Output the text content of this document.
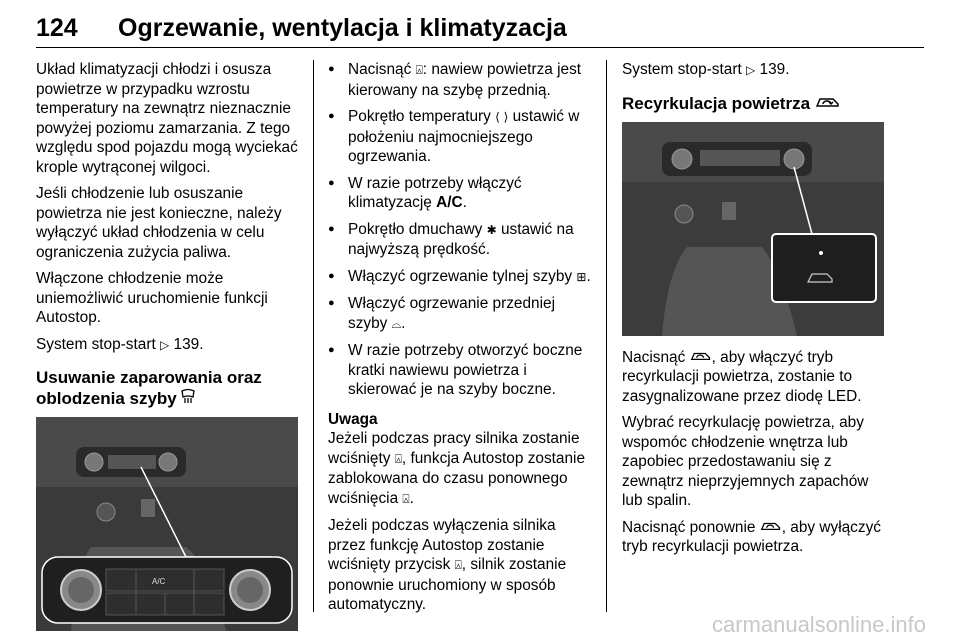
124	Ogrzewanie, wentylacja i klimatyzacja

Układ klimatyzacji chłodzi i osusza powietrze w przypadku wzrostu temperatury na zewnątrz nieznacznie powyżej poziomu zamarzania. Z tego względu spod pojazdu mogą wyciekać krople wytrąconej wilgoci.

Jeśli chłodzenie lub osuszanie powietrza nie jest konieczne, należy wyłączyć układ chłodzenia w celu ograniczenia zużycia paliwa.

Włączone chłodzenie może uniemożliwić uruchomienie funkcji Autostop.

System stop-start ▷ 139.

Usuwanie zaparowania oraz oblodzenia szyby
A/C
● Nacisnąć ⍓: nawiew powietrza jest kierowany na szybę przednią.
● Pokrętło temperatury ⟨ ⟩ ustawić w położeniu najmocniejszego ogrzewania.
● W razie potrzeby włączyć klimatyzację A/C.
● Pokrętło dmuchawy ✱ ustawić na najwyższą prędkość.
● Włączyć ogrzewanie tylnej szyby ⊞.
● Włączyć ogrzewanie przedniej szyby ⌓.
● W razie potrzeby otworzyć boczne kratki nawiewu powietrza i skierować je na szyby boczne.

Uwaga

Jeżeli podczas pracy silnika zostanie wciśnięty ⍓, funkcja Autostop zostanie zablokowana do czasu ponownego wciśnięcia ⍓.

Jeżeli podczas wyłączenia silnika przez funkcję Autostop zostanie wciśnięty przycisk ⍓, silnik zostanie ponownie uruchomiony w sposób automatyczny.

System stop-start ▷ 139.

Recyrkulacja powietrza

Nacisnąć , aby włączyć tryb recyrkulacji powietrza, zostanie to zasygnalizowane przez diodę LED.

Wybrać recyrkulację powietrza, aby wspomóc chłodzenie wnętrza lub zapobiec przedostawaniu się z zewnątrz nieprzyjemnych zapachów lub spalin.

Nacisnąć ponownie , aby wyłączyć tryb recyrkulacji powietrza.

carmanualsonline.info
